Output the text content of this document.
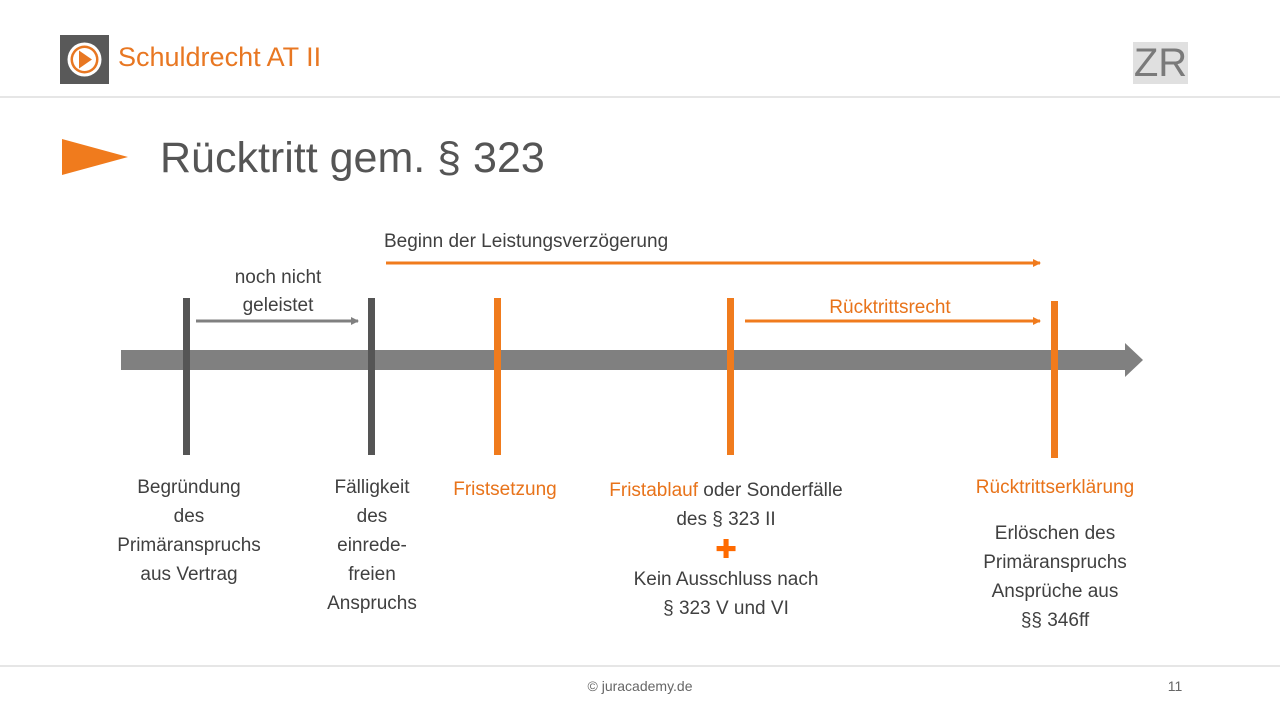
Schuldrecht AT II	ZR
Rücktritt gem. § 323
Beginn der Leistungsverzögerung
noch nicht
geleistet	Rücktrittsrecht
Begründung
des
Primäranspruchs
aus Vertrag
Fälligkeit
des
einrede-
freien
Anspruchs
Fristsetzung	Fristablauf oder Sonderfälle
des § 323 II
✚
Kein Ausschluss nach
§ 323 V und VI
Rücktrittserklärung
Erlöschen des
Primäranspruchs
Ansprüche aus
§§ 346ff
© juracademy.de	11
